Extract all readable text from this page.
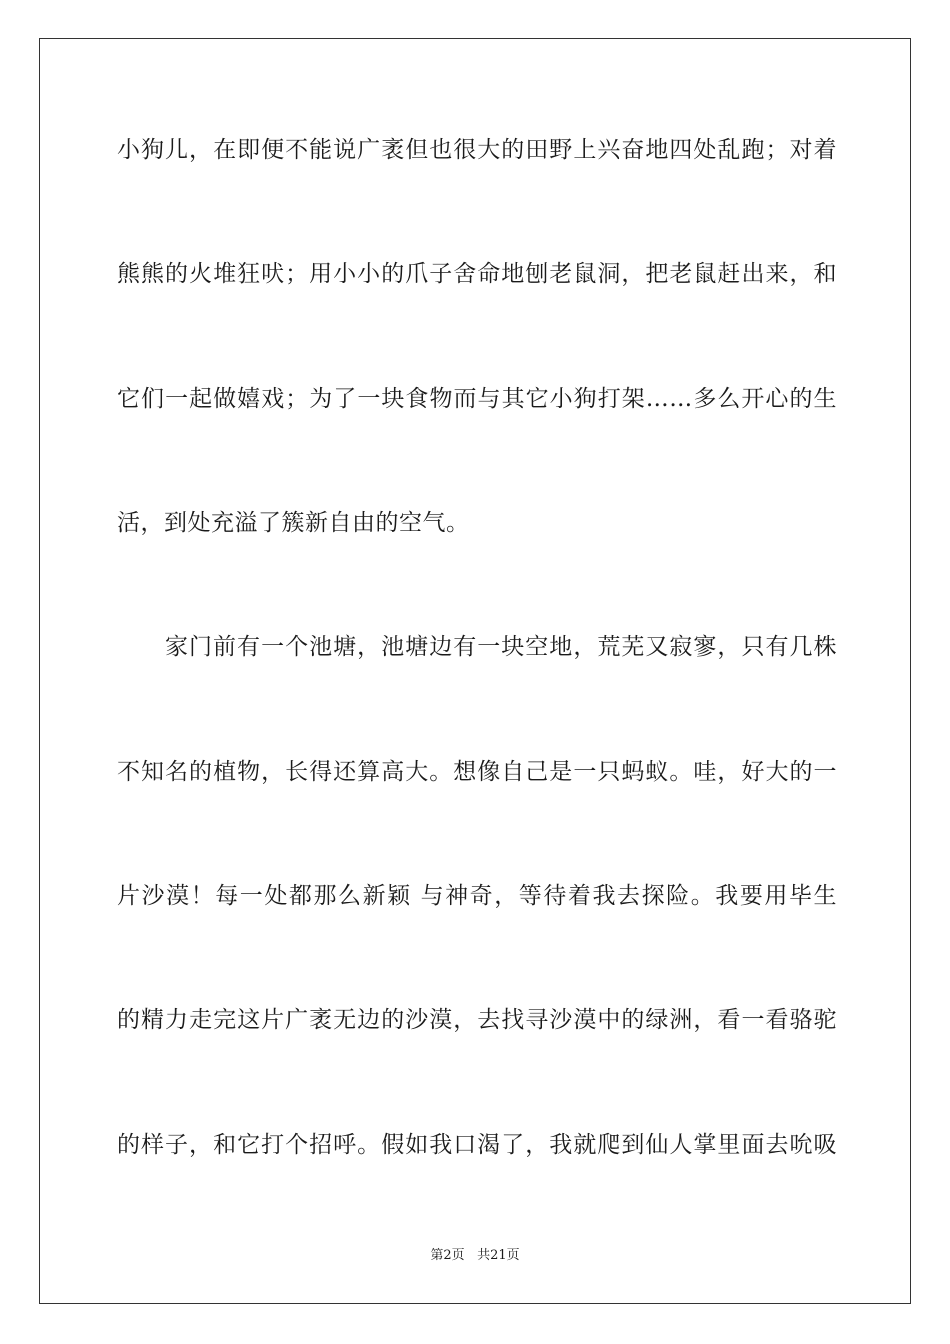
小狗儿，在即便不能说广袤但也很大的田野上兴奋地四处乱跑；对着
熊熊的火堆狂吠；用小小的爪子舍命地刨老鼠洞，把老鼠赶出来，和
它们一起做嬉戏；为了一块食物而与其它小狗打架……多么开心的生
活，到处充溢了簇新自由的空气。
家门前有一个池塘，池塘边有一块空地，荒芜又寂寥，只有几株
不知名的植物，长得还算高大。想像自己是一只蚂蚁。哇，好大的一
片沙漠！每一处都那么新颖 与神奇，等待着我去探险。我要用毕生
的精力走完这片广袤无边的沙漠，去找寻沙漠中的绿洲，看一看骆驼
的样子，和它打个招呼。假如我口渴了，我就爬到仙人掌里面去吮吸
第2页 共21页
